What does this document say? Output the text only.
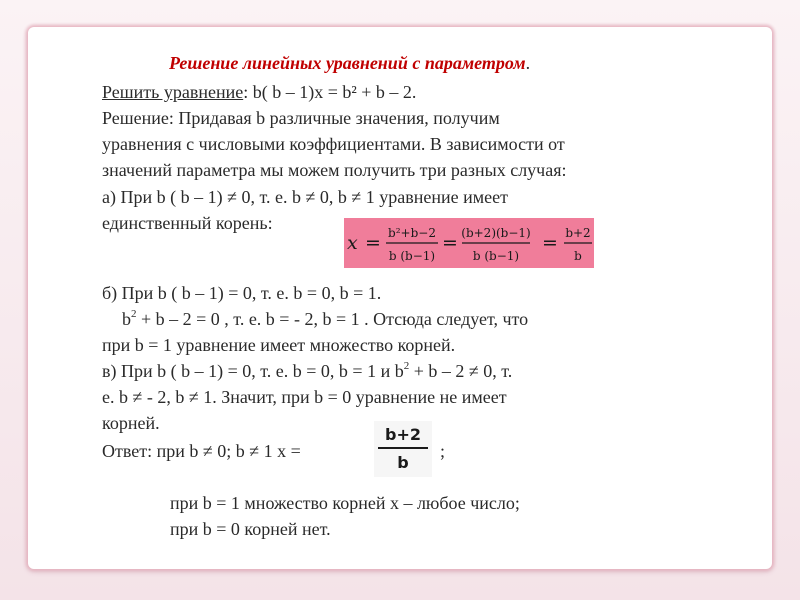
Решение линейных уравнений с параметром.
Решить уравнение: b( b – 1)x = b² + b – 2.
Решение: Придавая b различные значения, получим
уравнения с числовыми коэффициентами. В зависимости от
значений параметра мы можем получить три разных случая:
а) При b ( b – 1) ≠ 0, т. е. b ≠ 0, b ≠ 1 уравнение имеет
единственный корень:
x = b²+b−2
b (b−1)
= (b+2)(b−1)
b (b−1)
= b+2
b
б) При b ( b – 1) = 0, т. е. b = 0, b = 1.
$b^2 + b - 2 = 0$ , т. е. b = - 2, b = 1 . Отсюда следует, что
при b = 1 уравнение имеет множество корней.
в) При b ( b – 1) = 0, т. е. b = 0, b = 1 и $b^2 + b - 2 \ne 0$, т.
е. b ≠ - 2, b ≠ 1. Значит, при b = 0 уравнение не имеет
корней.
Ответ: при b ≠ 0; b ≠ 1 x =
b+2
b
;
при b = 1 множество корней х – любое число;
при b = 0 корней нет.
